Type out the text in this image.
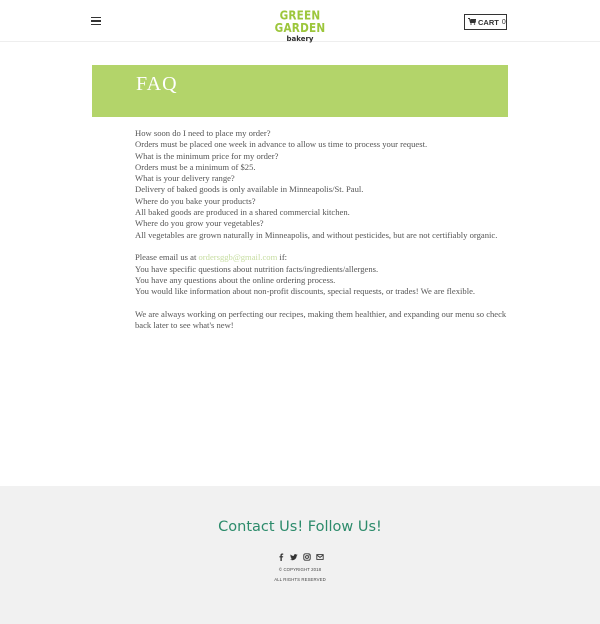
GREEN GARDEN
bakery
CART 0
FAQ

How soon do I need to place my order?

Orders must be placed one week in advance to allow us time to process your request.

What is the minimum price for my order?

Orders must be a minimum of $25.

What is your delivery range?

Delivery of baked goods is only available in Minneapolis/St. Paul.

Where do you bake your products?

All baked goods are produced in a shared commercial kitchen.

Where do you grow your vegetables?

All vegetables are grown naturally in Minneapolis, and without pesticides, but are not certifiably organic.

Please email us at ordersggb@gmail.com if:

You have specific questions about nutrition facts/ingredients/allergens.

You have any questions about the online ordering process.

You would like information about non-profit discounts, special requests, or trades! We are flexible.

We are always working on perfecting our recipes, making them healthier, and expanding our menu so check back later to see what's new!

Contact Us! Follow Us!
© COPYRIGHT 2018
ALL RIGHTS RESERVED
